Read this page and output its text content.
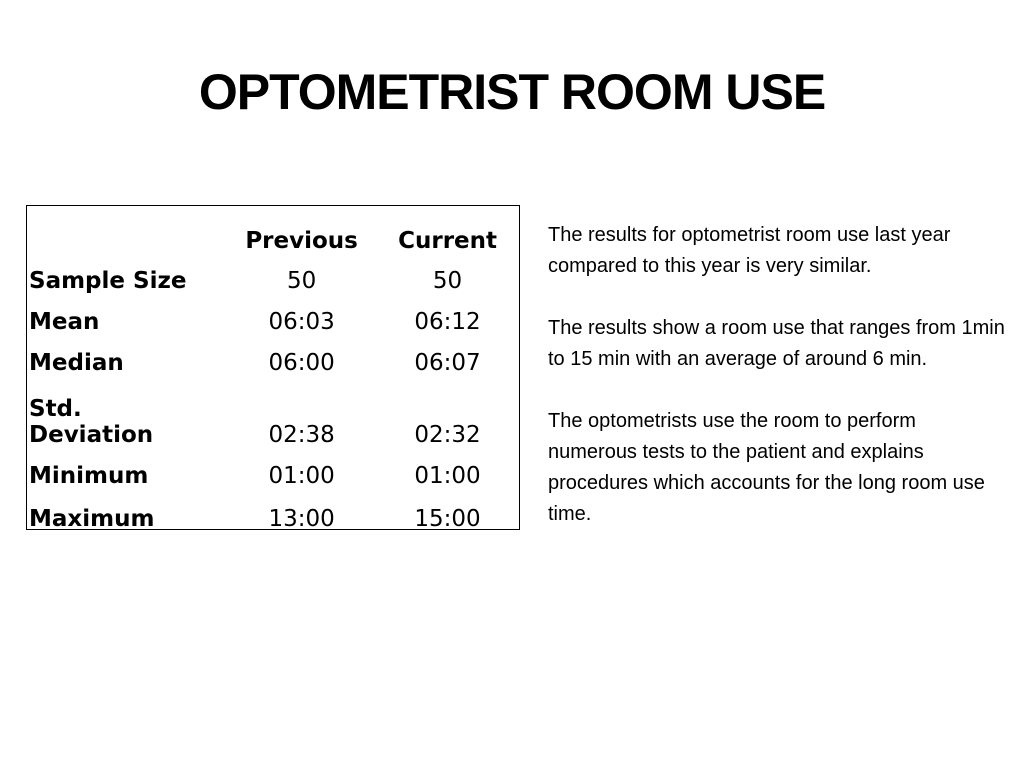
OPTOMETRIST ROOM USE
	Previous	Current
Sample Size	50	50
Mean	06:03	06:12
Median	06:00	06:07

Std.
Deviation	02:38	02:32
Minimum	01:00	01:00
Maximum	13:00	15:00

The results for optometrist room use last year compared to this year is very similar.

The results show a room use that ranges from 1min to 15 min with an average of around 6 min.

The optometrists use the room to perform numerous tests to the patient and explains procedures which accounts for the long room use time.
